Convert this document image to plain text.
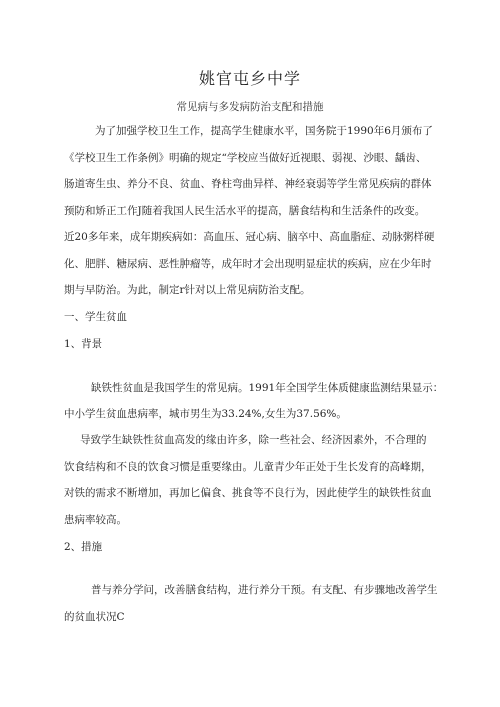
姚官屯乡中学
常见病与多发病防治支配和措施
为了加强学校卫生工作，提高学生健康水平，国务院于1990年6月颁布了
《学校卫生工作条例》明确的规定“学校应当做好近视眼、弱视、沙眼、龋齿、
肠道寄生虫、养分不良、贫血、脊柱弯曲异样、神经衰弱等学生常见疾病的群体
预防和矫正工作J随着我国人民生活水平的提高，膳食结构和生活条件的改变。
近20多年来，成年期疾病如：高血压、冠心病、脑卒中、高血脂症、动脉粥样硬
化、肥胖、糖尿病、恶性肿瘤等，成年时才会出现明显症状的疾病，应在少年时
期与早防治。为此，制定r针对以上常见病防治支配。
一、学生贫血
1、背景
缺铁性贫血是我国学生的常见病。1991年全国学生体质健康监测结果显示：
中小学生贫血患病率，城市男生为33.24%,女生为37.56%。
导致学生缺铁性贫血高发的缘由许多，除一些社会、经济因素外，不合理的
饮食结构和不良的饮食习惯是重要缘由。儿童青少年正处于生长发育的高峰期，
对铁的需求不断增加，再加匕偏食、挑食等不良行为，因此使学生的缺铁性贫血
患病率较高。
2、措施
普与养分学问，改善膳食结构，进行养分干预。有支配、有步骤地改善学生
的贫血状况C
